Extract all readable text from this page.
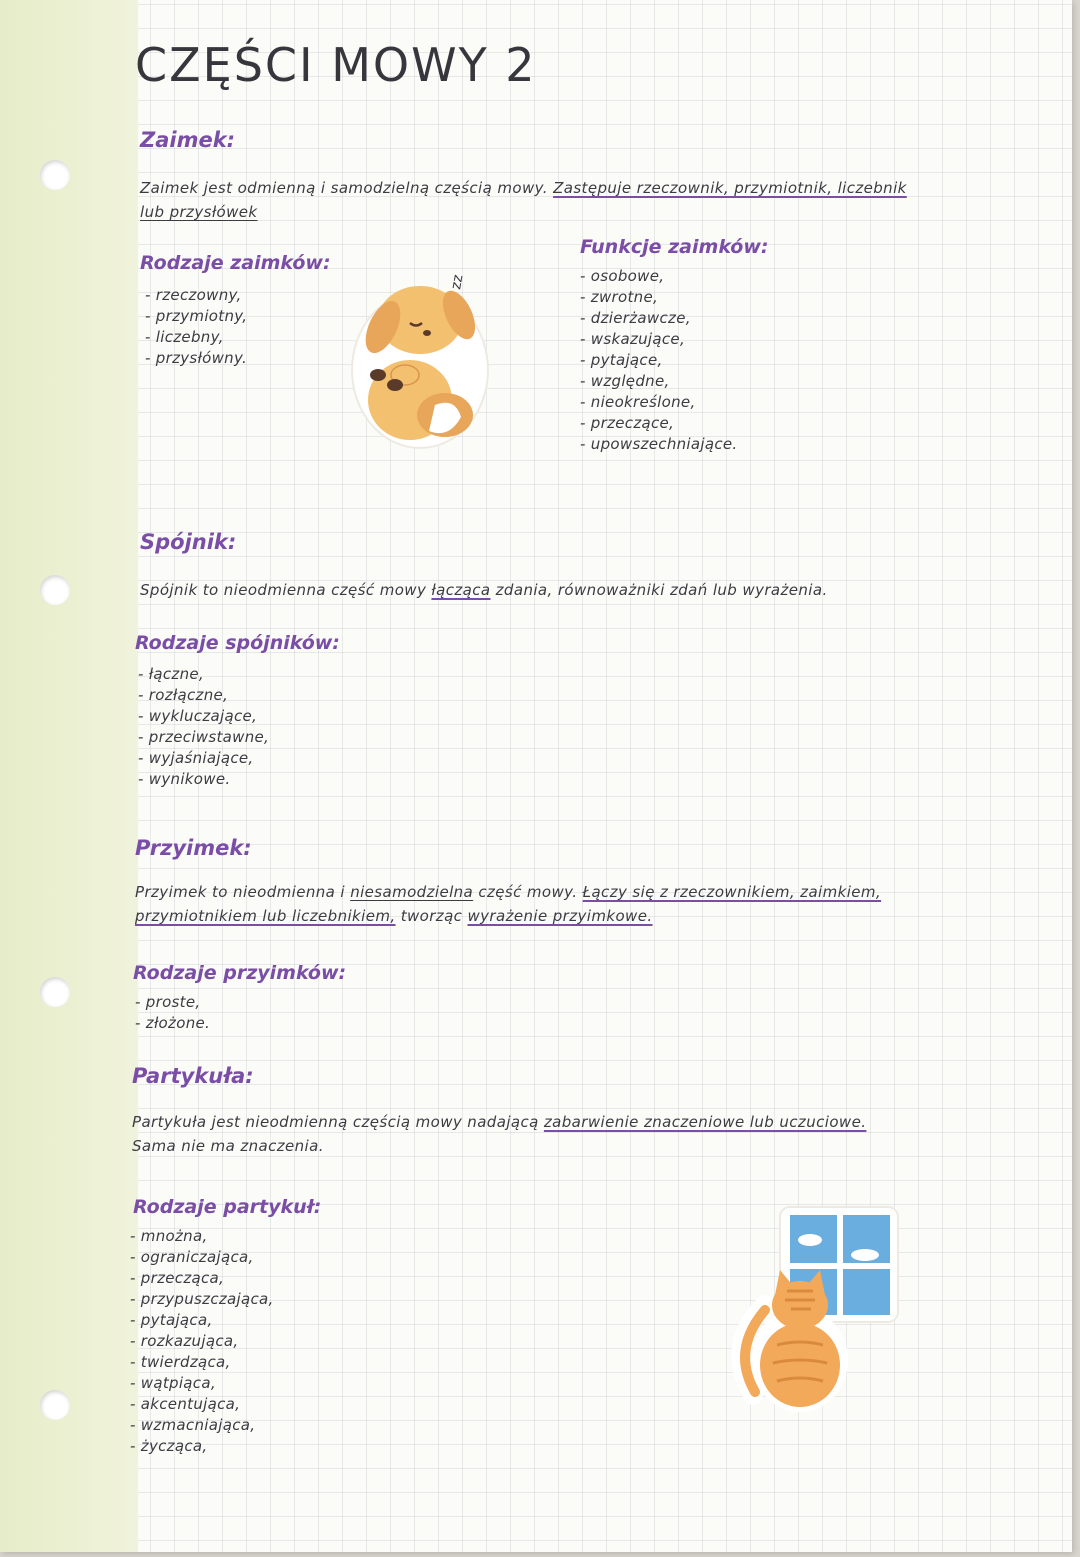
CZĘŚCI MOWY 2
Zaimek:

Zaimek jest odmienną i samodzielną częścią mowy. Zastępuje rzeczownik, przymiotnik, liczebnik
lub przysłówek

Rodzaje zaimków:
- rzeczowny,
- przymiotny,
- liczebny,
- przysłówny.
Funkcje zaimków:
- osobowe,
- zwrotne,
- dzierżawcze,
- wskazujące,
- pytające,
- względne,
- nieokreślone,
- przeczące,
- upowszechniające.
zz
Spójnik:

Spójnik to nieodmienna część mowy łącząca zdania, równoważniki zdań lub wyrażenia.

Rodzaje spójników:
- łączne,
- rozłączne,
- wykluczające,
- przeciwstawne,
- wyjaśniające,
- wynikowe.
Przyimek:

Przyimek to nieodmienna i niesamodzielna część mowy. Łączy się z rzeczownikiem, zaimkiem,
przymiotnikiem lub liczebnikiem, tworząc wyrażenie przyimkowe.

Rodzaje przyimków:
- proste,
- złożone.
Partykuła:

Partykuła jest nieodmienną częścią mowy nadającą zabarwienie znaczeniowe lub uczuciowe.
Sama nie ma znaczenia.

Rodzaje partykuł:
- mnożna,
- ograniczająca,
- przecząca,
- przypuszczająca,
- pytająca,
- rozkazująca,
- twierdząca,
- wątpiąca,
- akcentująca,
- wzmacniająca,
- życząca,
